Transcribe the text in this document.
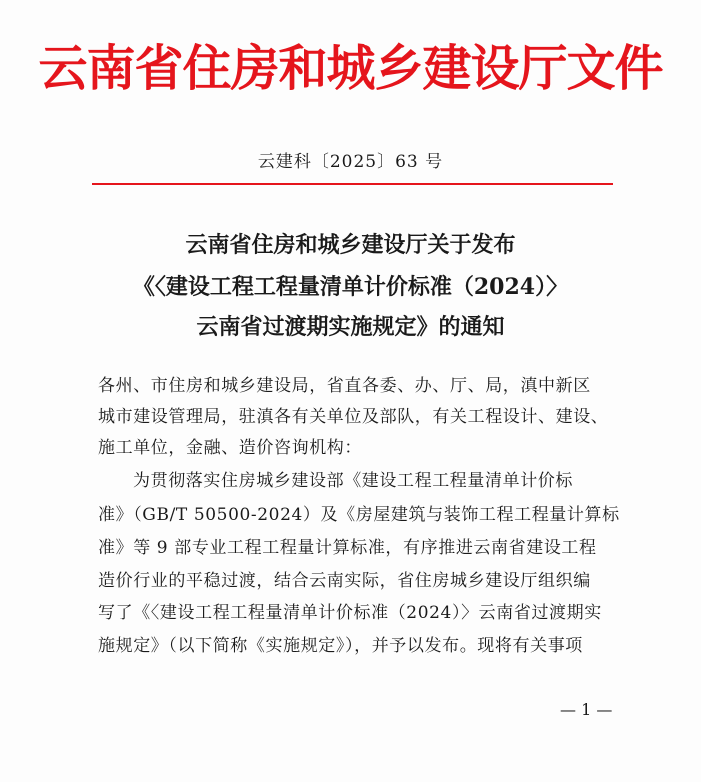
云南省住房和城乡建设厅文件
云建科〔2025〕63 号
云南省住房和城乡建设厅关于发布
《〈建设工程工程量清单计价标准（2024）〉
云南省过渡期实施规定》的通知
各州、市住房和城乡建设局，省直各委、办、厅、局，滇中新区
城市建设管理局，驻滇各有关单位及部队，有关工程设计、建设、
施工单位，金融、造价咨询机构：
为贯彻落实住房城乡建设部《建设工程工程量清单计价标
准》（GB/T 50500-2024）及《房屋建筑与装饰工程工程量计算标
准》等 9 部专业工程工程量计算标准，有序推进云南省建设工程
造价行业的平稳过渡，结合云南实际，省住房城乡建设厅组织编
写了《〈建设工程工程量清单计价标准（2024）〉云南省过渡期实
施规定》（以下简称《实施规定》），并予以发布。现将有关事项
— 1 —
